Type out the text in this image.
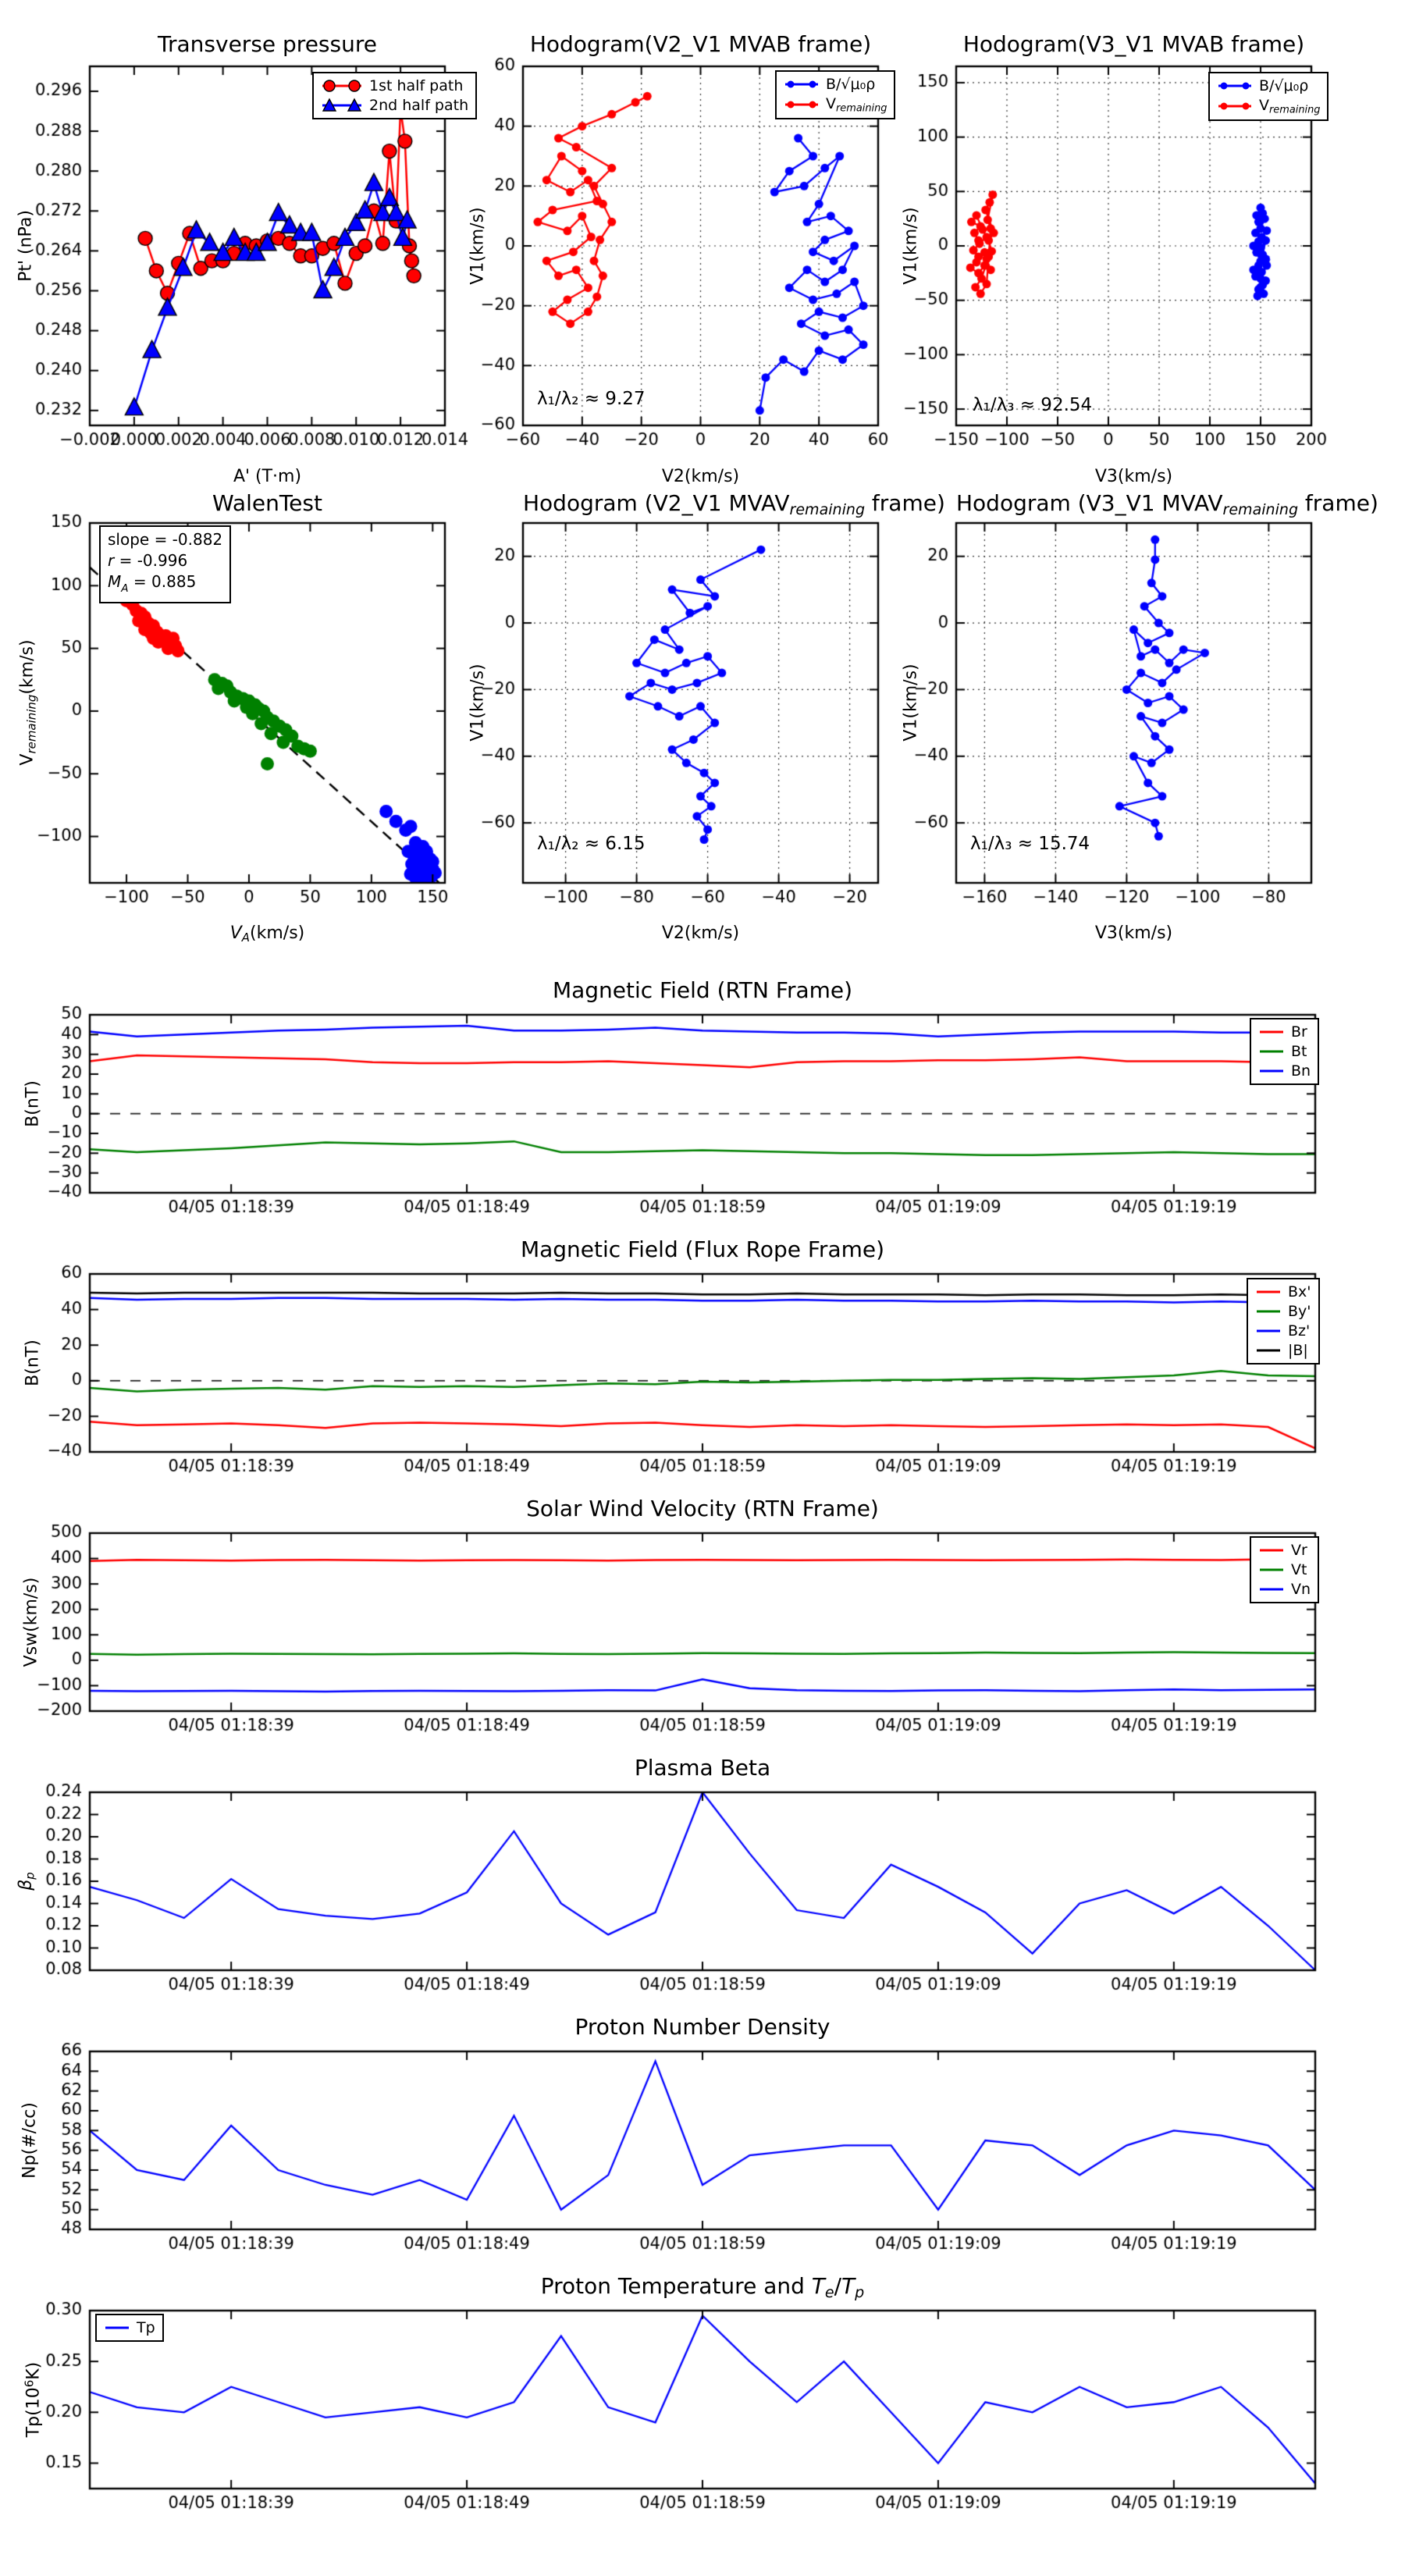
Transverse pressure	Hodogram(V2_V1 MVAB frame)	Hodogram(V3_V1 MVAB frame)
WalenTest	Hodogram (V2_V1 MVAVremaining frame) Hodogram (V3_V1 MVAVremaining frame)
Magnetic Field (RTN Frame)
Magnetic Field (Flux Rope Frame)
Solar Wind Velocity (RTN Frame)
Plasma Beta
Proton Number Density
Proton Temperature and Te/Tp
A' (T·m)	V2(km/s)	V3(km/s)
VA(km/s)	V2(km/s)	V3(km/s)
Pt' (nPa)	V1(km/s)	V1(km/s)
Vremaining(km/s)	V1(km/s)	V1(km/s)
B(nT)
B(nT)
Vsw(km/s)
βp
Np(#/cc)
$Tp(10^6K)$
λ₁/λ₂ ≈ 9.27	λ₁/λ₃ ≈ 92.54
λ₁/λ₂ ≈ 6.15	λ₁/λ₃ ≈ 15.74
slope = -0.882
r = -0.996
$M_A = 0.885$
1st half path
2nd half path
B/√μ₀ρ
Vremaining
B/√μ₀ρ
Vremaining
Br
Bt
Bn
Bx'
By'
Bz'
|B|
Vr
Vt
Vn
Tp
